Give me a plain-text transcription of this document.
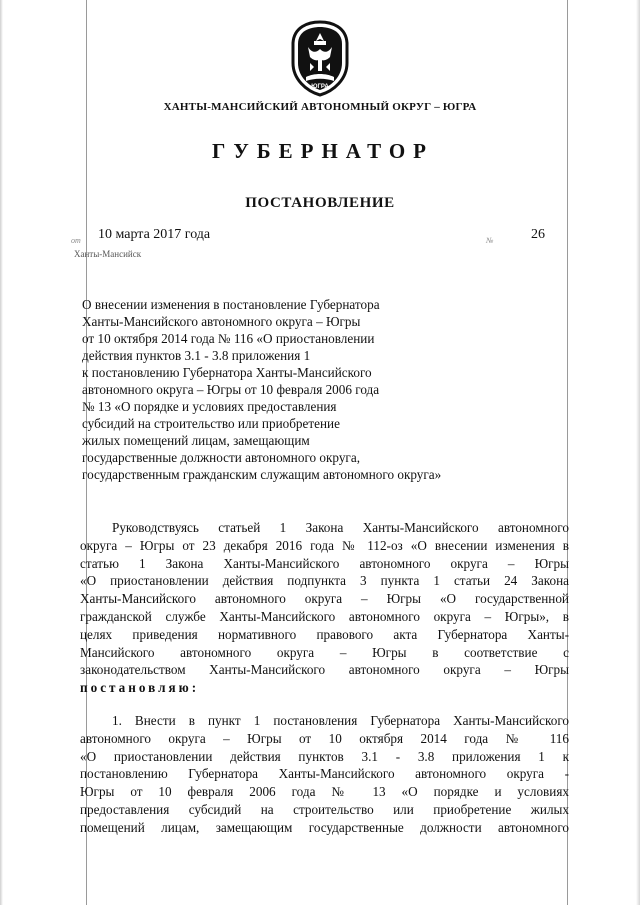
ЮГРА
ХАНТЫ-МАНСИЙСКИЙ АВТОНОМНЫЙ ОКРУГ – ЮГРА
ГУБЕРНАТОР
ПОСТАНОВЛЕНИЕ
от 10 марта 2017 года	№	26
Ханты-Мансийск
О внесении изменения в постановление Губернатора
Ханты-Мансийского автономного округа – Югры
от 10 октября 2014 года № 116 «О приостановлении
действия пунктов 3.1 - 3.8 приложения 1
к постановлению Губернатора Ханты-Мансийского
автономного округа – Югры от 10 февраля 2006 года
№ 13 «О порядке и условиях предоставления
субсидий на строительство или приобретение
жилых помещений лицам, замещающим
государственные должности автономного округа,
государственным гражданским служащим автономного округа»
Руководствуясь статьей 1 Закона Ханты-Мансийского автономного
округа – Югры от 23 декабря 2016 года № 112-оз «О внесении изменения в
статью 1 Закона Ханты-Мансийского автономного округа – Югры
«О приостановлении действия подпункта 3 пункта 1 статьи 24 Закона
Ханты-Мансийского автономного округа – Югры «О государственной
гражданской службе Ханты-Мансийского автономного округа – Югры», в
целях приведения нормативного правового акта Губернатора Ханты-
Мансийского автономного округа – Югры в соответствие с
законодательством Ханты-Мансийского автономного округа – Югры
постановляю:
1. Внести в пункт 1 постановления Губернатора Ханты-Мансийского
автономного округа – Югры от 10 октября 2014 года № 116
«О приостановлении действия пунктов 3.1 - 3.8 приложения 1 к
постановлению Губернатора Ханты-Мансийского автономного округа -
Югры от 10 февраля 2006 года № 13 «О порядке и условиях
предоставления субсидий на строительство или приобретение жилых
помещений лицам, замещающим государственные должности автономного
